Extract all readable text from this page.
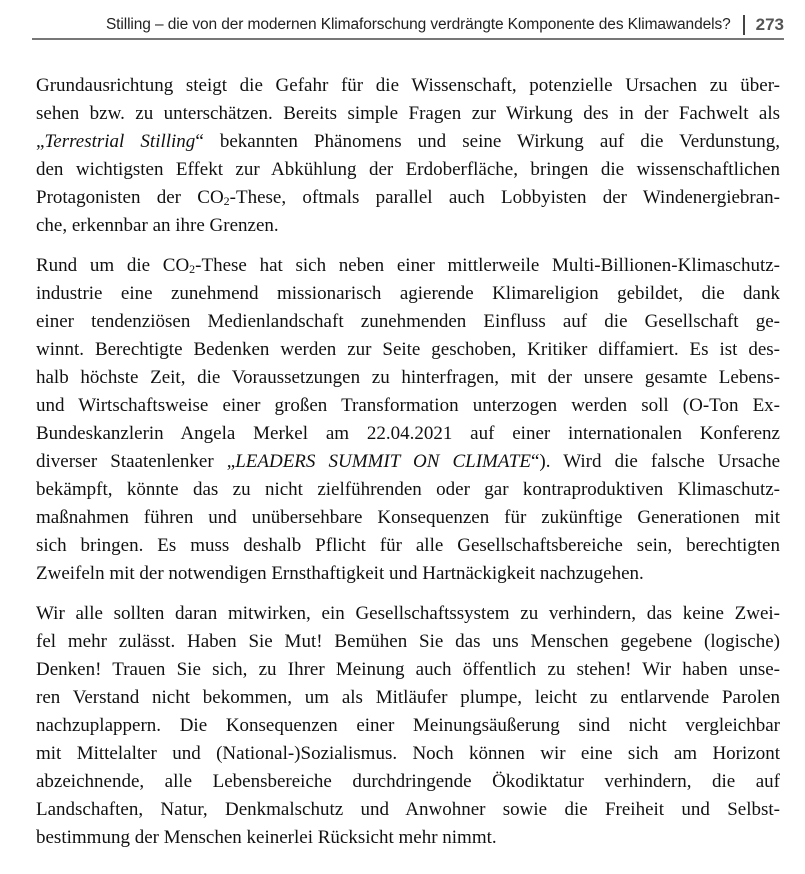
Stilling – die von der modernen Klimaforschung verdrängte Komponente des Klimawandels? 273

Grundausrichtung steigt die Gefahr für die Wissenschaft, potenzielle Ursachen zu über-
sehen bzw. zu unterschätzen. Bereits simple Fragen zur Wirkung des in der Fachwelt als
„Terrestrial Stilling“ bekannten Phänomens und seine Wirkung auf die Verdunstung,
den wichtigsten Effekt zur Abkühlung der Erdoberfläche, bringen die wissenschaftlichen
Protagonisten der $CO_2$-These, oftmals parallel auch Lobbyisten der Windenergiebran-
che, erkennbar an ihre Grenzen.

Rund um die $CO_2$-These hat sich neben einer mittlerweile Multi-Billionen-Klimaschutz-
industrie eine zunehmend missionarisch agierende Klimareligion gebildet, die dank
einer tendenziösen Medienlandschaft zunehmenden Einfluss auf die Gesellschaft ge-
winnt. Berechtigte Bedenken werden zur Seite geschoben, Kritiker diffamiert. Es ist des-
halb höchste Zeit, die Voraussetzungen zu hinterfragen, mit der unsere gesamte Lebens-
und Wirtschaftsweise einer großen Transformation unterzogen werden soll (O-Ton Ex-
Bundeskanzlerin Angela Merkel am 22.04.2021 auf einer internationalen Konferenz
diverser Staatenlenker „LEADERS SUMMIT ON CLIMATE“). Wird die falsche Ursache
bekämpft, könnte das zu nicht zielführenden oder gar kontraproduktiven Klimaschutz-
maßnahmen führen und unübersehbare Konsequenzen für zukünftige Generationen mit
sich bringen. Es muss deshalb Pflicht für alle Gesellschaftsbereiche sein, berechtigten
Zweifeln mit der notwendigen Ernsthaftigkeit und Hartnäckigkeit nachzugehen.

Wir alle sollten daran mitwirken, ein Gesellschaftssystem zu verhindern, das keine Zwei-
fel mehr zulässt. Haben Sie Mut! Bemühen Sie das uns Menschen gegebene (logische)
Denken! Trauen Sie sich, zu Ihrer Meinung auch öffentlich zu stehen! Wir haben unse-
ren Verstand nicht bekommen, um als Mitläufer plumpe, leicht zu entlarvende Parolen
nachzuplappern. Die Konsequenzen einer Meinungsäußerung sind nicht vergleichbar
mit Mittelalter und (National-)Sozialismus. Noch können wir eine sich am Horizont
abzeichnende, alle Lebensbereiche durchdringende Ökodiktatur verhindern, die auf
Landschaften, Natur, Denkmalschutz und Anwohner sowie die Freiheit und Selbst-
bestimmung der Menschen keinerlei Rücksicht mehr nimmt.
